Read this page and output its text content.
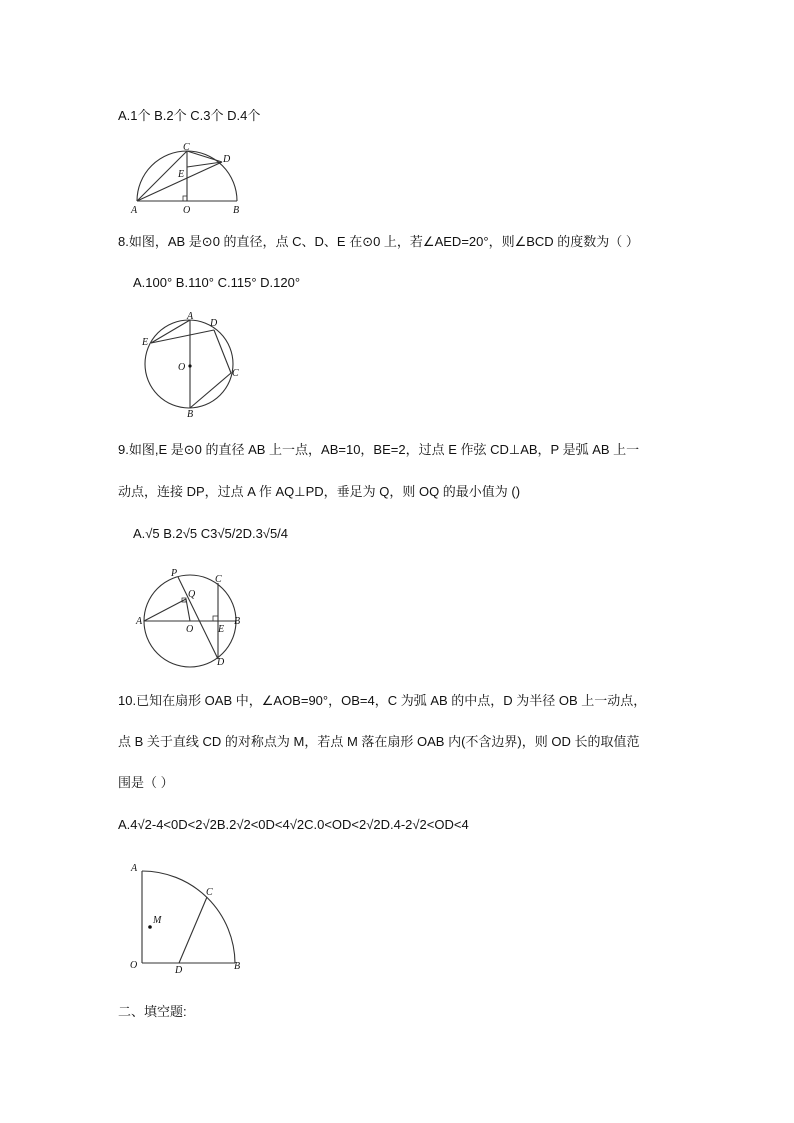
A.1个 B.2个 C.3个 D.4个
A	B
C
D
E
O
8.如图，AB 是⊙0 的直径，点 C、D、E 在⊙0 上，若∠AED=20°，则∠BCD 的度数为（ ）
A.100° B.110° C.115° D.120°
A
B
C
D
E
O
9.如图,E 是⊙0 的直径 AB 上一点，AB=10，BE=2，过点 E 作弦 CD⊥AB，P 是弧 AB 上一
动点，连接 DP，过点 A 作 AQ⊥PD，垂足为 Q，则 OQ 的最小值为 ()
A.√5 B.2√5 C3√5/2D.3√5/4
P
C
Q
A	B
O E
D
10.已知在扇形 OAB 中，∠AOB=90°，OB=4，C 为弧 AB 的中点，D 为半径 OB 上一动点，
点 B 关于直线 CD 的对称点为 M，若点 M 落在扇形 OAB 内(不含边界)，则 OD 长的取值范
围是（ ）
A.4√2-4<0D<2√2B.2√2<0D<4√2C.0<OD<2√2D.4-2√2<OD<4
A
C
M
O	D	B
二、填空题:
